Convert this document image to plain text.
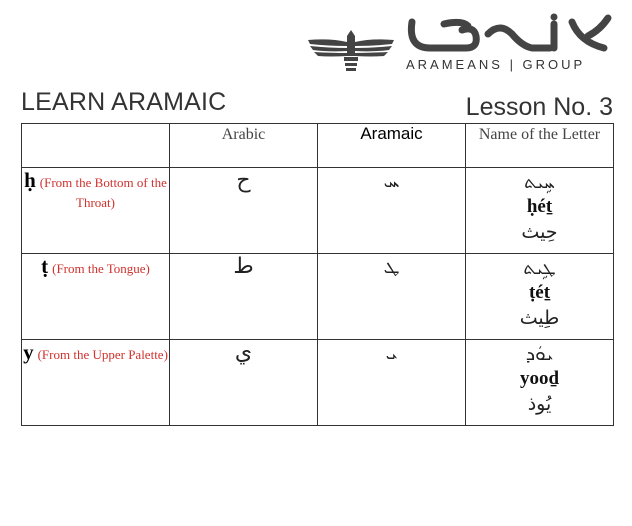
ARAMEANS | GROUP
LEARN ARAMAIC	Lesson No. 3
	Arabic	Aramaic	Name of the Letter
ḥ (From the Bottom of the Throat)	ح	ܚ	ܚܹܝܬ
ḥéṯ
حِيث

ṭ (From the Tongue)	ط	ܛ	ܛܹܝܬ
ṭéṯ
طِيث

y (From the Upper Palette)	ي	ܝ	ܝܘܿܕ
yooḏ
يُوذ
